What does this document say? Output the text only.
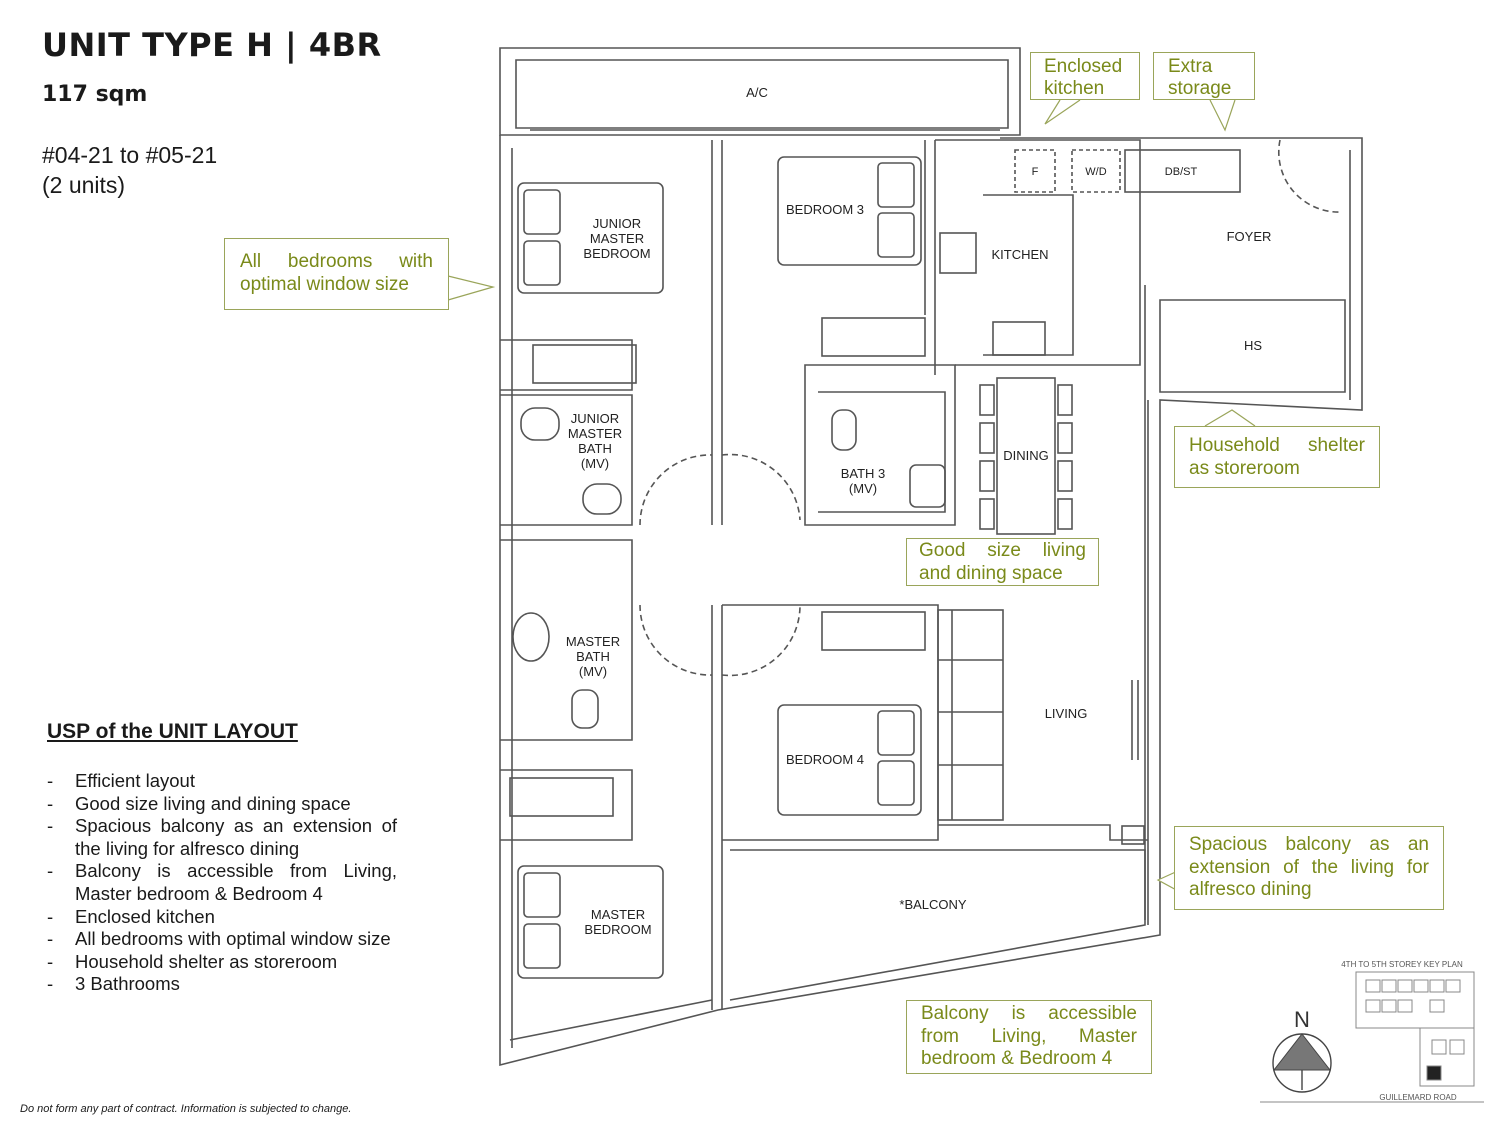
UNIT TYPE H | 4BR
117 sqm
#04-21 to #05-21
(2 units)
USP of the UNIT LAYOUT
- Efficient layout
- Good size living and dining space
- Spacious balcony as an extension of the living for alfresco dining
- Balcony is accessible from Living, Master bedroom & Bedroom 4
- Enclosed kitchen
- All bedrooms with optimal window size
- Household shelter as storeroom
- 3 Bathrooms
Do not form any part of contract. Information is subjected to change.
A/C
JUNIOR
MASTER
BEDROOM
BEDROOM 3
F	W/D	DB/ST
KITCHEN
FOYER
HS
JUNIOR
MASTER
BATH
(MV)
BATH 3
(MV)
DINING
MASTER
BATH
(MV)
BEDROOM 4
LIVING
MASTER
BEDROOM
*BALCONY
4TH TO 5TH STOREY KEY PLAN
GUILLEMARD ROAD
N
Enclosed
kitchen
Extra
storage
All bedrooms with optimal window size
Household shelter as storeroom
Good size living and dining space
Spacious balcony as an extension of the living for alfresco dining
Balcony is accessible from Living, Master bedroom & Bedroom 4
